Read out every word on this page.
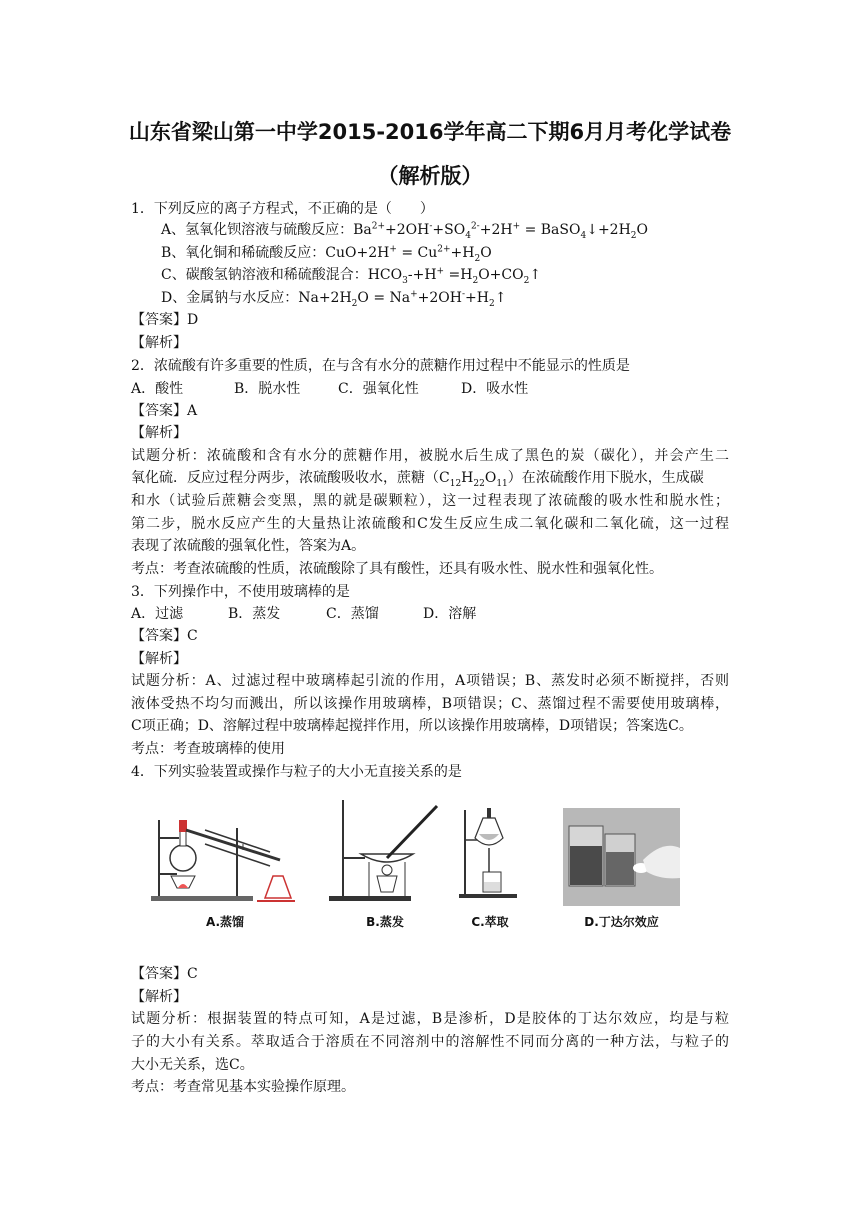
山东省梁山第一中学2015-2016学年高二下期6月月考化学试卷
（解析版）
1．下列反应的离子方程式，不正确的是（　　）
A、氢氧化钡溶液与硫酸反应：$Ba^{2+}+2OH^-+SO_4^{2-}+2H^+$ = $BaSO_4↓+2H_2O$
B、氧化铜和稀硫酸反应：$CuO+2H^+ = Cu^{2+}+H_2O$
C、碳酸氢钠溶液和稀硫酸混合：$HCO_3-+H^+$ $=H_2O+CO_2↑$
D、金属钠与水反应：$Na+2H_2O$ = $Na^++2OH^-+H_2↑$
【答案】D
【解析】
2．浓硫酸有许多重要的性质，在与含有水分的蔗糖作用过程中不能显示的性质是
A．酸性	B．脱水性	C．强氧化性	D．吸水性
【答案】A
【解析】
试题分析：浓硫酸和含有水分的蔗糖作用，被脱水后生成了黑色的炭（碳化），并会产生二
氧化硫．反应过程分两步，浓硫酸吸收水，蔗糖$(C_{12}H_{22}O_{11})$在浓硫酸作用下脱水，生成碳
和水（试验后蔗糖会变黑，黑的就是碳颗粒），这一过程表现了浓硫酸的吸水性和脱水性；
第二步，脱水反应产生的大量热让浓硫酸和C发生反应生成二氧化碳和二氧化硫，这一过程
表现了浓硫酸的强氧化性，答案为A。
考点：考查浓硫酸的性质，浓硫酸除了具有酸性，还具有吸水性、脱水性和强氧化性。
3．下列操作中，不使用玻璃棒的是
A．过滤	B．蒸发	C．蒸馏	D．溶解
【答案】C
【解析】
试题分析：A、过滤过程中玻璃棒起引流的作用，A项错误；B、蒸发时必须不断搅拌，否则
液体受热不均匀而溅出，所以该操作用玻璃棒，B项错误；C、蒸馏过程不需要使用玻璃棒，
C项正确；D、溶解过程中玻璃棒起搅拌作用，所以该操作用玻璃棒，D项错误；答案选C。
考点：考查玻璃棒的使用
4．下列实验装置或操作与粒子的大小无直接关系的是
A.蒸馏	B.蒸发	C.萃取	D.丁达尔效应
【答案】C
【解析】
试题分析：根据装置的特点可知，A是过滤，B是渗析，D是胶体的丁达尔效应，均是与粒
子的大小有关系。萃取适合于溶质在不同溶剂中的溶解性不同而分离的一种方法，与粒子的
大小无关系，选C。
考点：考查常见基本实验操作原理。
